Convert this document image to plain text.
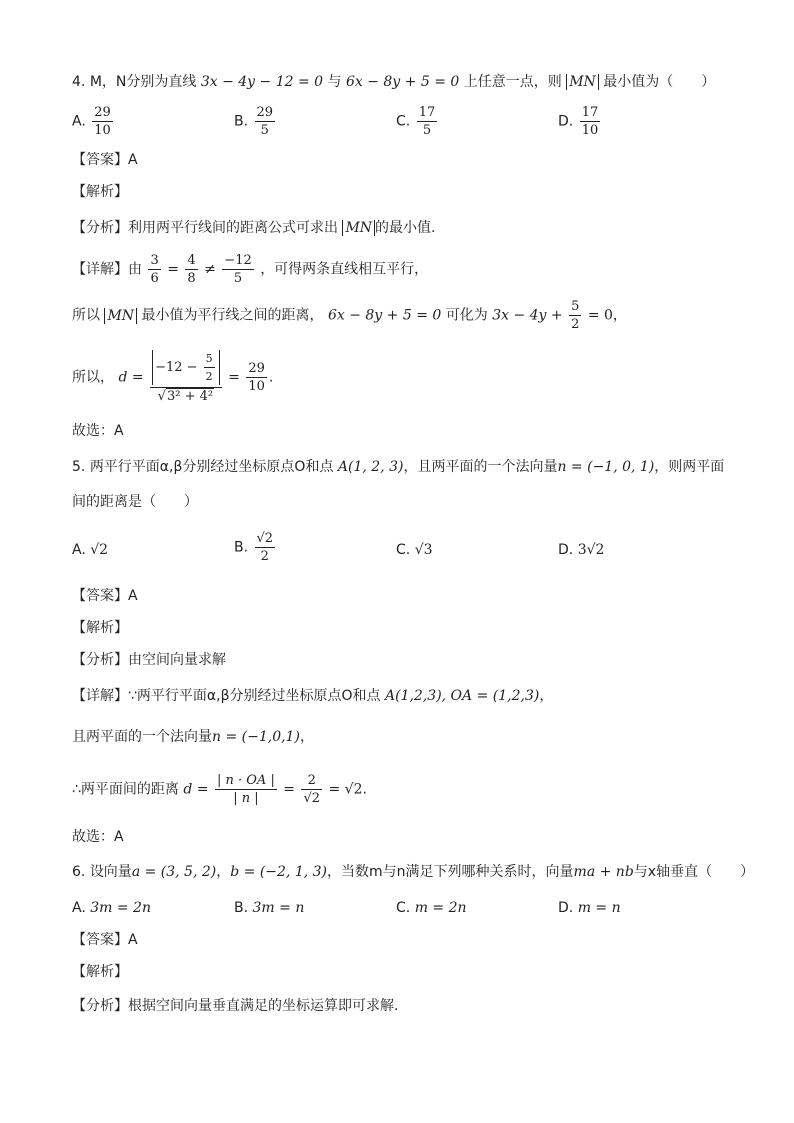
4. M，N分别为直线 3x − 4y − 12 = 0 与 6x − 8y + 5 = 0 上任意一点，则 MN 最小值为（　　）
A. $\frac{29}{10}$	B. $\frac{29}{5}$	C. $\frac{17}{5}$	D. $\frac{17}{10}$
【答案】A
【解析】
【分析】利用两平行线间的距离公式可求出 MN 的最小值.
【详解】由 $\frac{3}{6} = \frac{4}{8} \ne \frac{-12}{5}$ ，可得两条直线相互平行，
所以 MN 最小值为平行线之间的距离， 6x − 8y + 5 = 0 可化为 $3x - 4y + \frac{5}{2} = 0$，
所以， $d = \frac{-12 - \frac{5}{2}}{\text{√3² + 4²}} = \frac{29}{10}$ .
故选：A
5. 两平行平面α,β分别经过坐标原点O和点 A(1, 2, 3)，且两平面的一个法向量n = (−1, 0, 1)，则两平面
间的距离是（　　）
A. √2	B. $\frac{√2}{2}$	C. √3	D. 3√2
【答案】A
【解析】
【分析】由空间向量求解
【详解】∵两平行平面α,β分别经过坐标原点O和点 A(1,2,3), OA = (1,2,3)，
且两平面的一个法向量n = (−1,0,1)，
∴两平面间的距离 $d = \frac{| n \cdot OA |}{| n |} = \frac{2}{√2} = √2$.
故选：A
6. 设向量a = (3, 5, 2)，b = (−2, 1, 3)，当数m与n满足下列哪种关系时，向量ma + nb与x轴垂直（　　）
A. 3m = 2n	B. 3m = n	C. m = 2n	D. m = n
【答案】A
【解析】
【分析】根据空间向量垂直满足的坐标运算即可求解.
